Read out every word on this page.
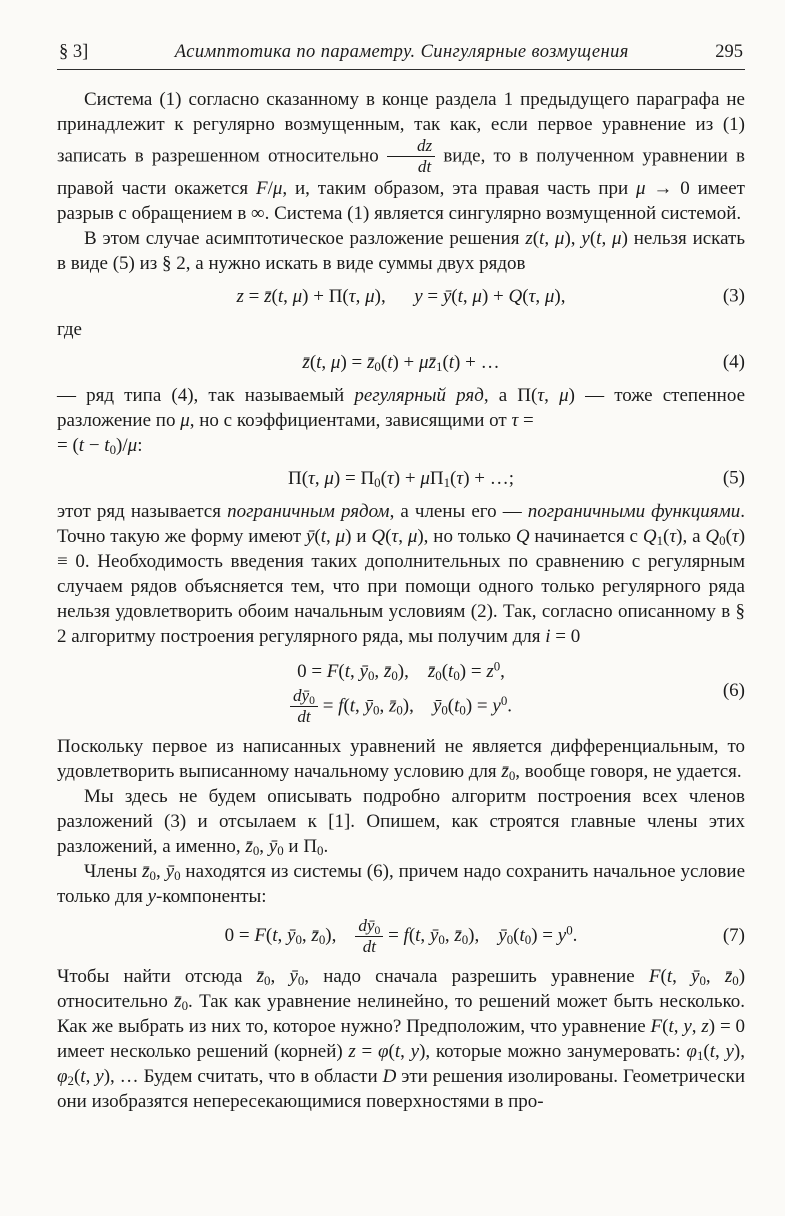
§ 3]	Асимптотика по параметру. Сингулярные возмущения	295

Система (1) согласно сказанному в конце раздела 1 предыдущего параграфа не принадлежит к регулярно возмущенным, так как, если первое уравнение из (1) записать в разрешенном относительно $\frac{dz}{dt}$ виде, то в полученном уравнении в правой части окажется F/μ, и, таким образом, эта правая часть при μ → 0 имеет разрыв с обращением в ∞. Система (1) является сингулярно возмущенной системой.

В этом случае асимптотическое разложение решения z(t, μ), y(t, μ) нельзя искать в виде (5) из § 2, а нужно искать в виде суммы двух рядов

z = z̄(t, μ) + Π(τ, μ),  y = ȳ(t, μ) + Q(τ, μ),	(3)

где

z̄(t, $\mu) = z̄_0(t)$ + $\mu z̄_1(t)$ + …	(4)

— ряд типа (4), так называемый регулярный ряд, а Π(τ, μ) — тоже степенное разложение по μ, но с коэффициентами, зависящими от τ =
= $(t - t_0)/\mu$:

Π(τ, $\mu) = \Pi_0(\tau) + \mu\Pi_1(\tau)$ + …;	(5)

этот ряд называется пограничным рядом, а члены его — пограничными функциями. Точно такую же форму имеют ȳ(t, μ) и Q(τ, μ), но только Q начинается с $Q_1(\tau)$, а $Q_0(\tau) \equiv 0$. Необходимость введения таких дополнительных по сравнению с регулярным случаем рядов объясняется тем, что при помощи одного только регулярного ряда нельзя удовлетворить обоим начальным условиям (2). Так, согласно описанному в § 2 алгоритму построения регулярного ряда, мы получим для i = 0

0 = F(t, $ȳ_0$, $z̄_0$), $z̄_0(t_0) = z^0$,
$\frac{dȳ_0}{dt} = f(t$, $ȳ_0$, $z̄_0$), $ȳ_0(t_0) = y^0$.
(6)

Поскольку первое из написанных уравнений не является дифференциальным, то удовлетворить выписанному начальному условию для $z̄_0$, вообще говоря, не удается.

Мы здесь не будем описывать подробно алгоритм построения всех членов разложений (3) и отсылаем к [1]. Опишем, как строятся главные члены этих разложений, а именно, $z̄_0$, $ȳ_0$ и $\Pi_0$.

Члены $z̄_0$, $ȳ_0$ находятся из системы (6), причем надо сохранить начальное условие только для y-компоненты:

0 = F(t, $ȳ_0$, $z̄_0$),  $\frac{dȳ_0}{dt} = f(t$, $ȳ_0$, $z̄_0$), $ȳ_0(t_0) = y^0$.	(7)

Чтобы найти отсюда $z̄_0$, $ȳ_0$, надо сначала разрешить уравнение F(t, $ȳ_0$, $z̄_0$) относительно $z̄_0$. Так как уравнение нелинейно, то решений может быть несколько. Как же выбрать из них то, которое нужно? Предположим, что уравнение F(t, y, z) = 0 имеет несколько решений (корней) z = φ(t, y), которые можно занумеровать: $\varphi_1(t$, y), $\varphi_2(t$, y), … Будем считать, что в области D эти решения изолированы. Геометрически они изобразятся непересекающимися поверхностями в про-
